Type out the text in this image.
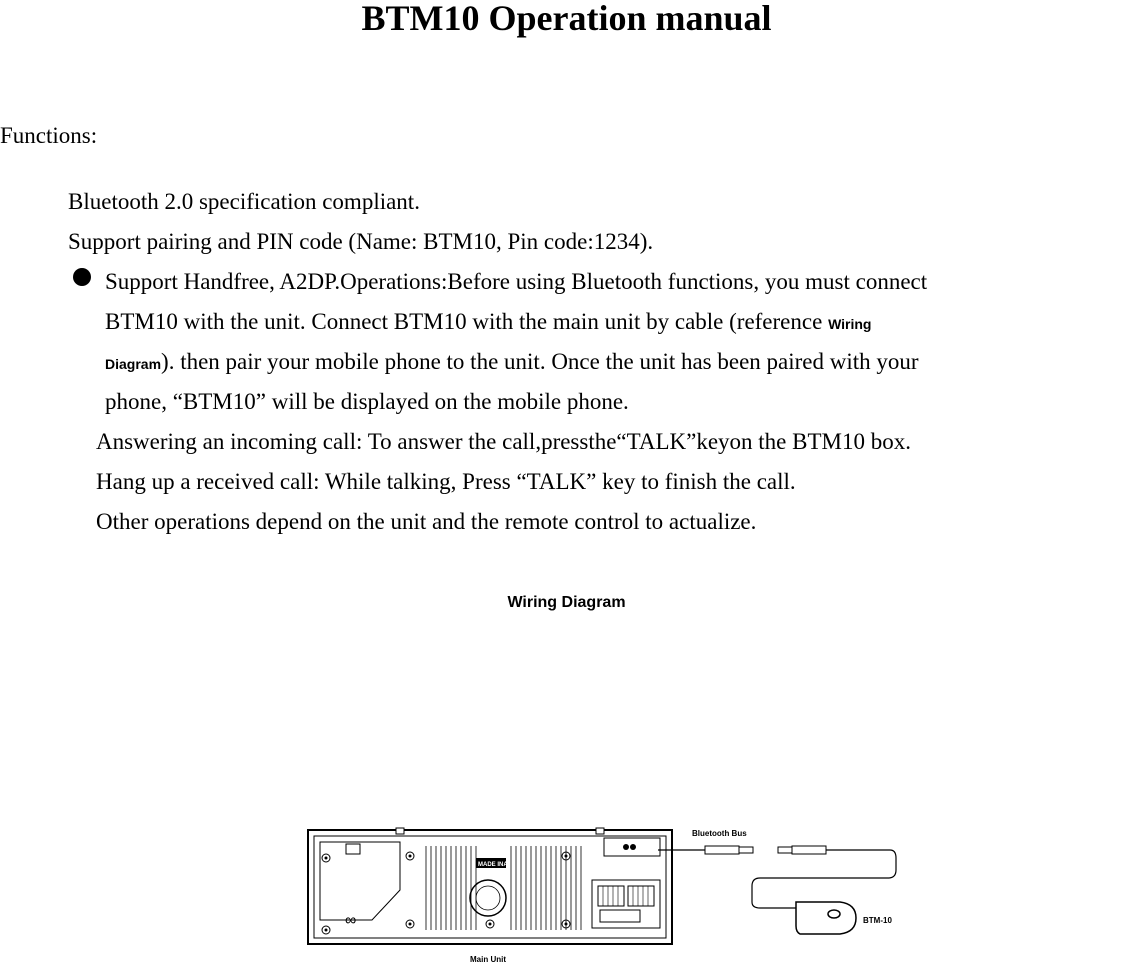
BTM10 Operation manual
Functions:
Bluetooth 2.0 specification compliant.
Support pairing and PIN code (Name: BTM10, Pin code:1234).
Support Handfree, A2DP.Operations:Before using Bluetooth functions, you must connect
BTM10 with the unit. Connect BTM10 with the main unit by cable (reference Wiring
Diagram). then pair your mobile phone to the unit. Once the unit has been paired with your
phone, “BTM10” will be displayed on the mobile phone.
Answering an incoming call: To answer the call,pressthe“TALK”keyon the BTM10 box.
Hang up a received call: While talking, Press “TALK” key to finish the call.
Other operations depend on the unit and the remote control to actualize.
Wiring Diagram
∞
MADE INA
Bluetooth Bus
BTM-10
Main Unit
